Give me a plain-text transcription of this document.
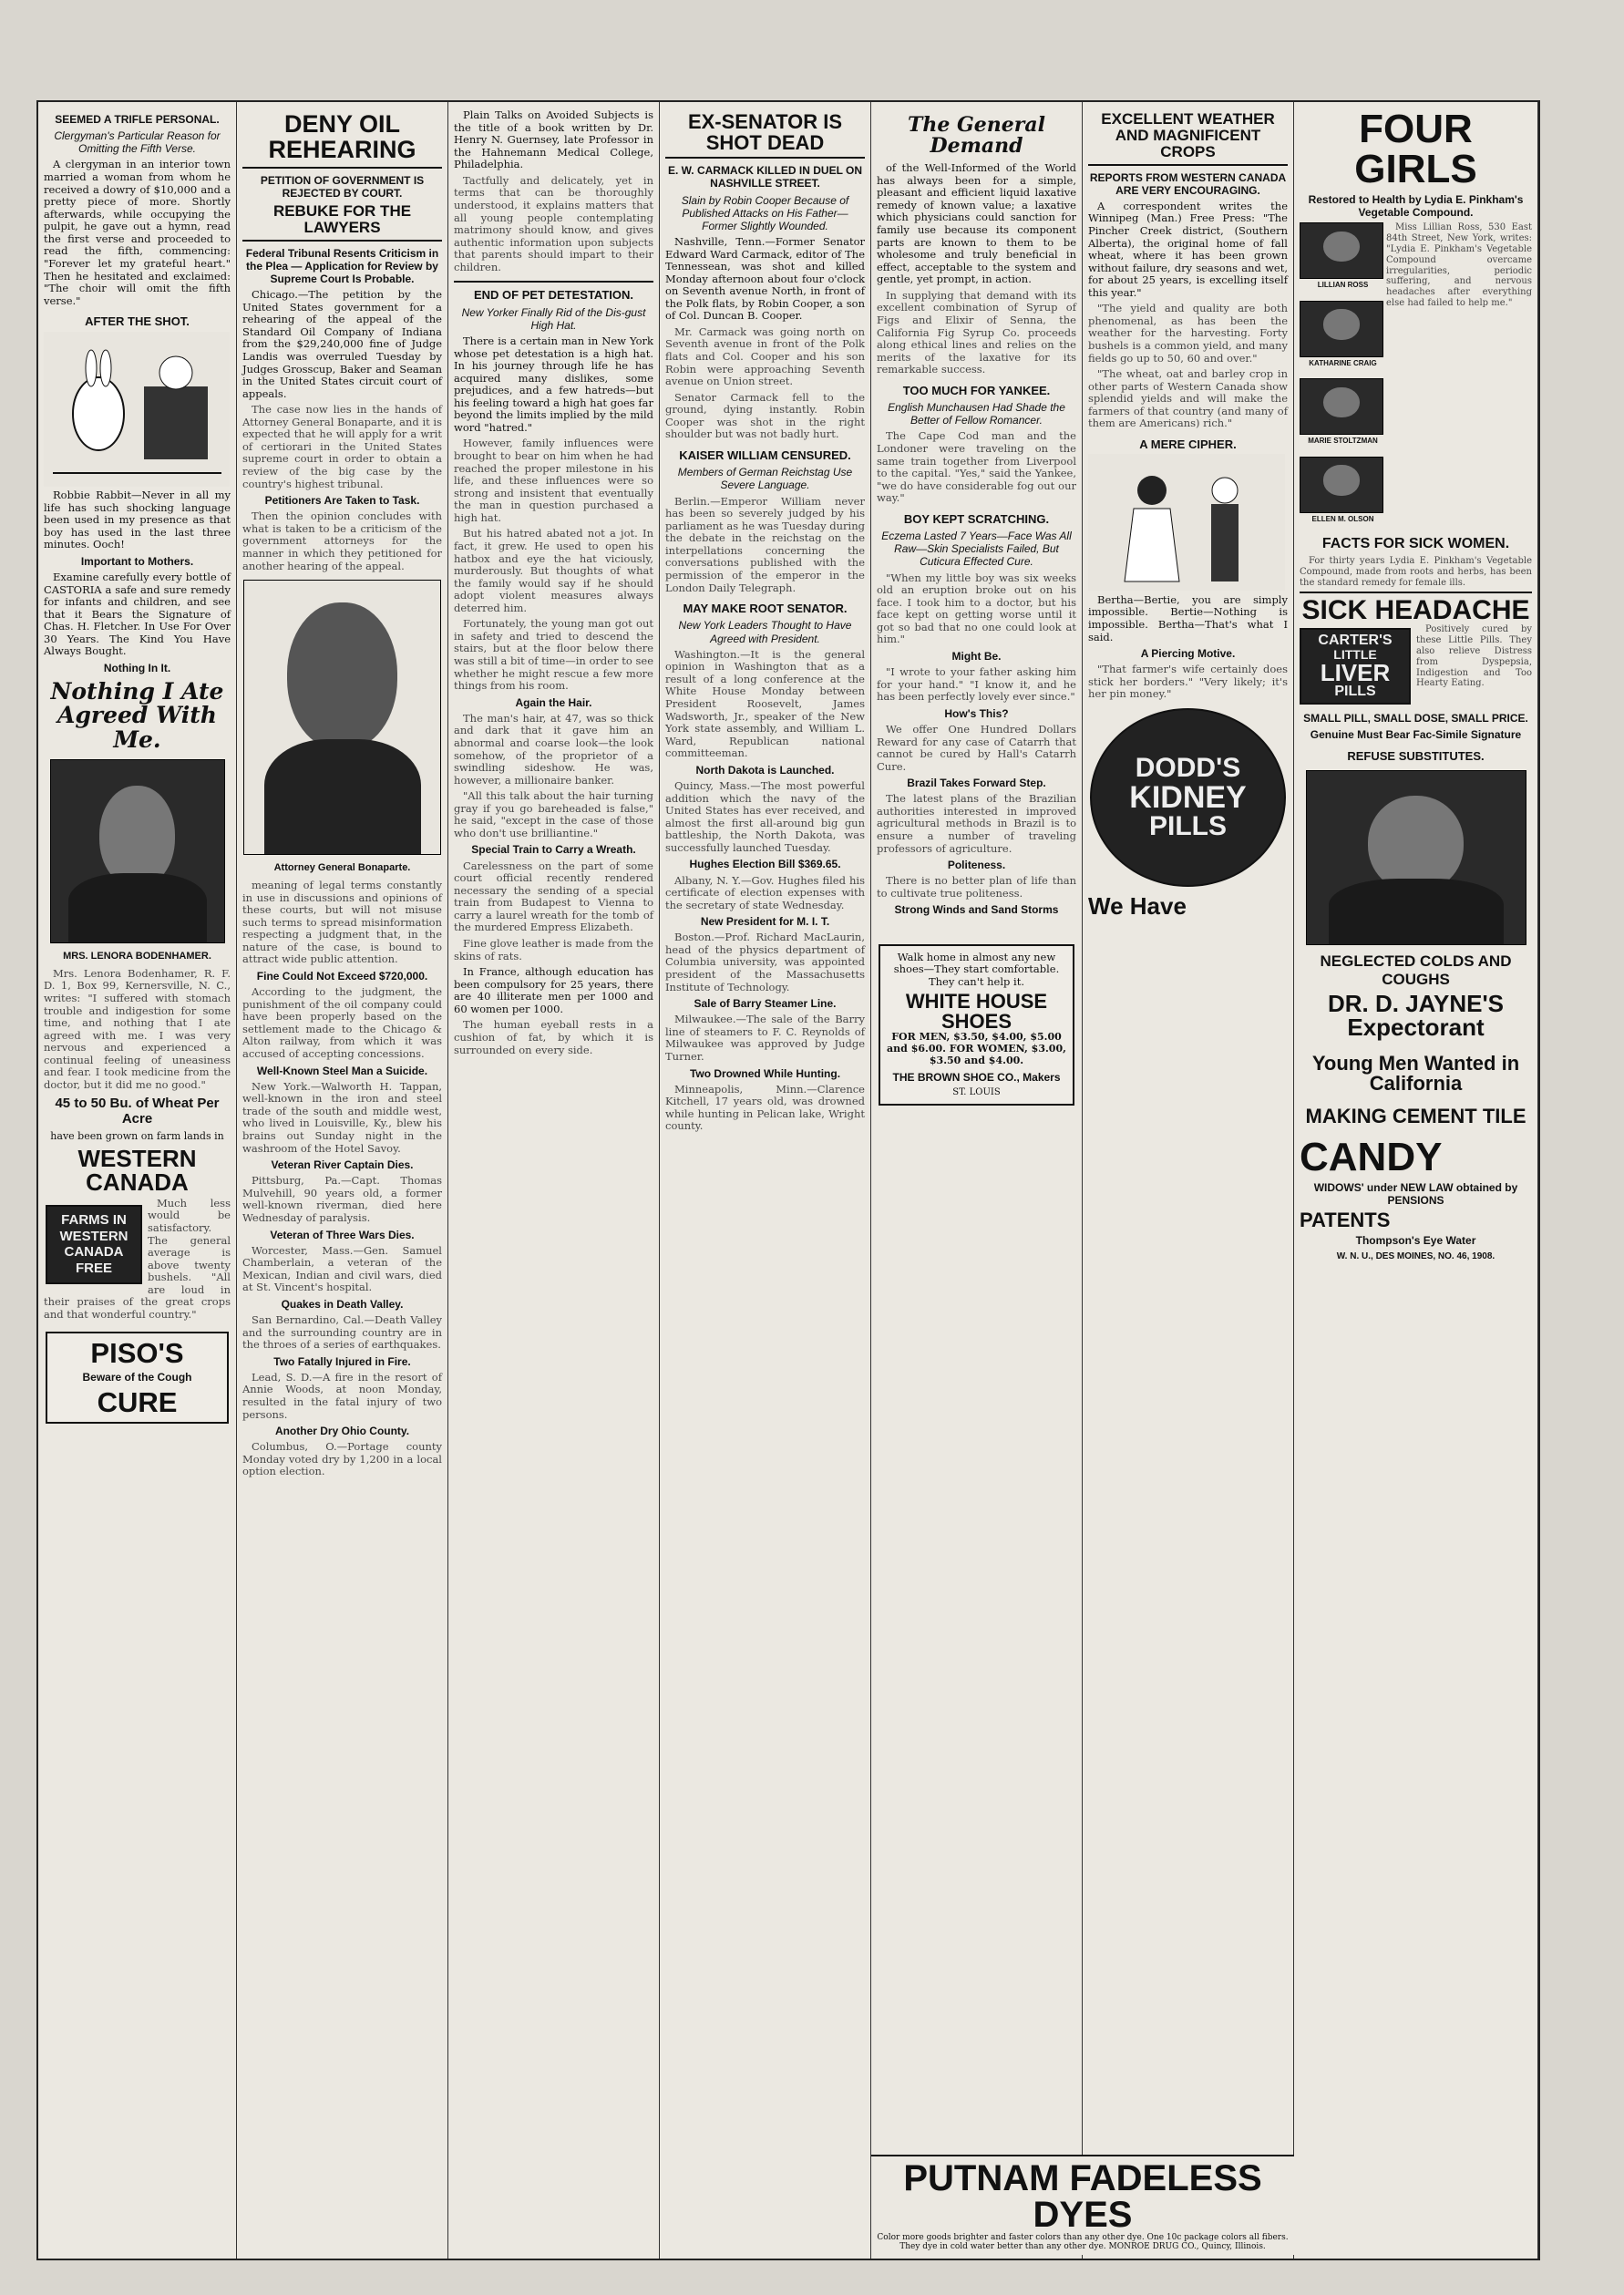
SEEMED A TRIFLE PERSONAL.
Clergyman's Particular Reason for Omitting the Fifth Verse.

A clergyman in an interior town married a woman from whom he received a dowry of $10,000 and a pretty piece of more. Shortly afterwards, while occupying the pulpit, he gave out a hymn, read the first verse and proceeded to read the fifth, commencing: "Forever let my grateful heart." Then he hesitated and exclaimed: "The choir will omit the fifth verse."

AFTER THE SHOT.

Robbie Rabbit—Never in all my life has such shocking language been used in my presence as that boy has used in the last three minutes. Ooch!

Important to Mothers.

Examine carefully every bottle of CASTORIA a safe and sure remedy for infants and children, and see that it Bears the Signature of Chas. H. Fletcher. In Use For Over 30 Years. The Kind You Have Always Bought.

Nothing In It.
Nothing I Ate Agreed With Me.
MRS. LENORA BODENHAMER.

Mrs. Lenora Bodenhamer, R. F. D. 1, Box 99, Kernersville, N. C., writes: "I suffered with stomach trouble and indigestion for some time, and nothing that I ate agreed with me. I was very nervous and experienced a continual feeling of uneasiness and fear. I took medicine from the doctor, but it did me no good."

45 to 50 Bu. of Wheat Per Acre
have been grown on farm lands in
WESTERN CANADA
FARMS IN WESTERN CANADA FREE

Much less would be satisfactory. The general average is above twenty bushels. "All are loud in their praises of the great crops and that wonderful country."

PISO'S
Beware of the Cough
CURE
DENY OIL REHEARING
PETITION OF GOVERNMENT IS REJECTED BY COURT.
REBUKE FOR THE LAWYERS
Federal Tribunal Resents Criticism in the Plea — Application for Review by Supreme Court Is Probable.

Chicago.—The petition by the United States government for a rehearing of the appeal of the Standard Oil Company of Indiana from the $29,240,000 fine of Judge Landis was overruled Tuesday by Judges Grosscup, Baker and Seaman in the United States circuit court of appeals.

The case now lies in the hands of Attorney General Bonaparte, and it is expected that he will apply for a writ of certiorari in the United States supreme court in order to obtain a review of the big case by the country's highest tribunal.

Petitioners Are Taken to Task.

Then the opinion concludes with what is taken to be a criticism of the government attorneys for the manner in which they petitioned for another hearing of the appeal.

Attorney General Bonaparte.

meaning of legal terms constantly in use in discussions and opinions of these courts, but will not misuse such terms to spread misinformation respecting a judgment that, in the nature of the case, is bound to attract wide public attention.

Fine Could Not Exceed $720,000.

According to the judgment, the punishment of the oil company could have been properly based on the settlement made to the Chicago & Alton railway, from which it was accused of accepting concessions.

Well-Known Steel Man a Suicide.

New York.—Walworth H. Tappan, well-known in the iron and steel trade of the south and middle west, who lived in Louisville, Ky., blew his brains out Sunday night in the washroom of the Hotel Savoy.

Veteran River Captain Dies.

Pittsburg, Pa.—Capt. Thomas Mulvehill, 90 years old, a former well-known riverman, died here Wednesday of paralysis.

Veteran of Three Wars Dies.

Worcester, Mass.—Gen. Samuel Chamberlain, a veteran of the Mexican, Indian and civil wars, died at St. Vincent's hospital.

Quakes in Death Valley.

San Bernardino, Cal.—Death Valley and the surrounding country are in the throes of a series of earthquakes.

Two Fatally Injured in Fire.

Lead, S. D.—A fire in the resort of Annie Woods, at noon Monday, resulted in the fatal injury of two persons.

Another Dry Ohio County.

Columbus, O.—Portage county Monday voted dry by 1,200 in a local option election.

Plain Talks on Avoided Subjects is the title of a book written by Dr. Henry N. Guernsey, late Professor in the Hahnemann Medical College, Philadelphia.

Tactfully and delicately, yet in terms that can be thoroughly understood, it explains matters that all young people contemplating matrimony should know, and gives authentic information upon subjects that parents should impart to their children.

END OF PET DETESTATION.
New Yorker Finally Rid of the Dis-gust High Hat.

There is a certain man in New York whose pet detestation is a high hat. In his journey through life he has acquired many dislikes, some prejudices, and a few hatreds—but his feeling toward a high hat goes far beyond the limits implied by the mild word "hatred."

However, family influences were brought to bear on him when he had reached the proper milestone in his life, and these influences were so strong and insistent that eventually the man in question purchased a high hat.

But his hatred abated not a jot. In fact, it grew. He used to open his hatbox and eye the hat viciously, murderously. But thoughts of what the family would say if he should adopt violent measures always deterred him.

Fortunately, the young man got out in safety and tried to descend the stairs, but at the floor below there was still a bit of time—in order to see whether he might rescue a few more things from his room.

Again the Hair.

The man's hair, at 47, was so thick and dark that it gave him an abnormal and coarse look—the look somehow, of the proprietor of a swindling sideshow. He was, however, a millionaire banker.

"All this talk about the hair turning gray if you go bareheaded is false," he said, "except in the case of those who don't use brilliantine."

Special Train to Carry a Wreath.

Carelessness on the part of some court official recently rendered necessary the sending of a special train from Budapest to Vienna to carry a laurel wreath for the tomb of the murdered Empress Elizabeth.

Fine glove leather is made from the skins of rats.

In France, although education has been compulsory for 25 years, there are 40 illiterate men per 1000 and 60 women per 1000.

The human eyeball rests in a cushion of fat, by which it is surrounded on every side.

EX-SENATOR IS SHOT DEAD
E. W. CARMACK KILLED IN DUEL ON NASHVILLE STREET.
Slain by Robin Cooper Because of Published Attacks on His Father—Former Slightly Wounded.

Nashville, Tenn.—Former Senator Edward Ward Carmack, editor of The Tennessean, was shot and killed Monday afternoon about four o'clock on Seventh avenue North, in front of the Polk flats, by Robin Cooper, a son of Col. Duncan B. Cooper.

Mr. Carmack was going north on Seventh avenue in front of the Polk flats and Col. Cooper and his son Robin were approaching Seventh avenue on Union street.

Senator Carmack fell to the ground, dying instantly. Robin Cooper was shot in the right shoulder but was not badly hurt.

KAISER WILLIAM CENSURED.
Members of German Reichstag Use Severe Language.

Berlin.—Emperor William never has been so severely judged by his parliament as he was Tuesday during the debate in the reichstag on the interpellations concerning the conversations published with the permission of the emperor in the London Daily Telegraph.

MAY MAKE ROOT SENATOR.
New York Leaders Thought to Have Agreed with President.

Washington.—It is the general opinion in Washington that as a result of a long conference at the White House Monday between President Roosevelt, James Wadsworth, Jr., speaker of the New York state assembly, and William L. Ward, Republican national committeeman.

North Dakota is Launched.

Quincy, Mass.—The most powerful addition which the navy of the United States has ever received, and almost the first all-around big gun battleship, the North Dakota, was successfully launched Tuesday.

Hughes Election Bill $369.65.

Albany, N. Y.—Gov. Hughes filed his certificate of election expenses with the secretary of state Wednesday.

New President for M. I. T.

Boston.—Prof. Richard MacLaurin, head of the physics department of Columbia university, was appointed president of the Massachusetts Institute of Technology.

Sale of Barry Steamer Line.

Milwaukee.—The sale of the Barry line of steamers to F. C. Reynolds of Milwaukee was approved by Judge Turner.

Two Drowned While Hunting.

Minneapolis, Minn.—Clarence Kitchell, 17 years old, was drowned while hunting in Pelican lake, Wright county.

The General Demand

of the Well-Informed of the World has always been for a simple, pleasant and efficient liquid laxative remedy of known value; a laxative which physicians could sanction for family use because its component parts are known to them to be wholesome and truly beneficial in effect, acceptable to the system and gentle, yet prompt, in action.

In supplying that demand with its excellent combination of Syrup of Figs and Elixir of Senna, the California Fig Syrup Co. proceeds along ethical lines and relies on the merits of the laxative for its remarkable success.

TOO MUCH FOR YANKEE.
English Munchausen Had Shade the Better of Fellow Romancer.

The Cape Cod man and the Londoner were traveling on the same train together from Liverpool to the capital. "Yes," said the Yankee, "we do have considerable fog out our way."

BOY KEPT SCRATCHING.
Eczema Lasted 7 Years—Face Was All Raw—Skin Specialists Failed, But Cuticura Effected Cure.

"When my little boy was six weeks old an eruption broke out on his face. I took him to a doctor, but his face kept on getting worse until it got so bad that no one could look at him."

Might Be.

"I wrote to your father asking him for your hand." "I know it, and he has been perfectly lovely ever since."

How's This?

We offer One Hundred Dollars Reward for any case of Catarrh that cannot be cured by Hall's Catarrh Cure.

Brazil Takes Forward Step.

The latest plans of the Brazilian authorities interested in improved agricultural methods in Brazil is to ensure a number of traveling professors of agriculture.

Politeness.

There is no better plan of life than to cultivate true politeness.

Strong Winds and Sand Storms

Walk home in almost any new shoes—They start comfortable. They can't help it.

WHITE HOUSE SHOES
FOR MEN, $3.50, $4.00, $5.00 and $6.00. FOR WOMEN, $3.00, $3.50 and $4.00.
THE BROWN SHOE CO., Makers
ST. LOUIS
EXCELLENT WEATHER AND MAGNIFICENT CROPS
REPORTS FROM WESTERN CANADA ARE VERY ENCOURAGING.

A correspondent writes the Winnipeg (Man.) Free Press: "The Pincher Creek district, (Southern Alberta), the original home of fall wheat, where it has been grown without failure, dry seasons and wet, for about 25 years, is excelling itself this year."

"The yield and quality are both phenomenal, as has been the weather for the harvesting. Forty bushels is a common yield, and many fields go up to 50, 60 and over."

"The wheat, oat and barley crop in other parts of Western Canada show splendid yields and will make the farmers of that country (and many of them are Americans) rich."

A MERE CIPHER.

Bertha—Bertie, you are simply impossible. Bertie—Nothing is impossible. Bertha—That's what I said.

A Piercing Motive.

"That farmer's wife certainly does stick her borders." "Very likely; it's her pin money."

DODD'S
KIDNEY
PILLS
We Have
FOUR GIRLS
Restored to Health by Lydia E. Pinkham's Vegetable Compound.
LILLIAN ROSS
KATHARINE CRAIG
MARIE STOLTZMAN
ELLEN M. OLSON

Miss Lillian Ross, 530 East 84th Street, New York, writes: "Lydia E. Pinkham's Vegetable Compound overcame irregularities, periodic suffering, and nervous headaches after everything else had failed to help me."

FACTS FOR SICK WOMEN.

For thirty years Lydia E. Pinkham's Vegetable Compound, made from roots and herbs, has been the standard remedy for female ills.

SICK HEADACHE
CARTER'S
LITTLE
LIVER
PILLS

Positively cured by these Little Pills. They also relieve Distress from Dyspepsia, Indigestion and Too Hearty Eating.

SMALL PILL, SMALL DOSE, SMALL PRICE.
Genuine Must Bear Fac-Simile Signature
REFUSE SUBSTITUTES.
NEGLECTED COLDS AND COUGHS
DR. D. JAYNE'S
Expectorant
Young Men Wanted in California
MAKING CEMENT TILE
CANDY
WIDOWS' under NEW LAW obtained by PENSIONS
PATENTS
Thompson's Eye Water
W. N. U., DES MOINES, NO. 46, 1908.
PUTNAM FADELESS DYES
Color more goods brighter and faster colors than any other dye. One 10c package colors all fibers. They dye in cold water better than any other dye. MONROE DRUG CO., Quincy, Illinois.
